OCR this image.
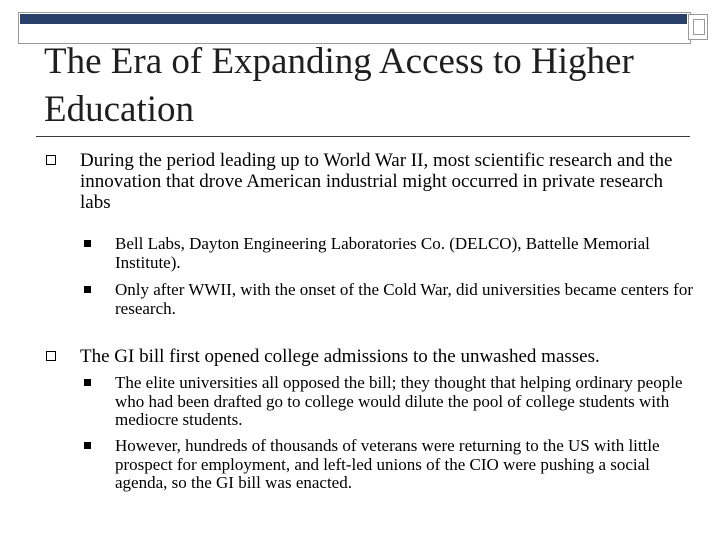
The Era of Expanding Access to Higher Education
During the period leading up to World War II, most scientific research and the innovation that drove American industrial might occurred in private research labs
Bell Labs, Dayton Engineering Laboratories Co. (DELCO), Battelle Memorial Institute).
Only after WWII, with the onset of the Cold War, did universities became centers for research.
The GI bill first opened college admissions to the unwashed masses.
The elite universities all opposed the bill; they thought that helping ordinary people who had been drafted go to college would dilute the pool of college students with mediocre students.
However, hundreds of thousands of veterans were returning to the US with little prospect for employment, and left-led unions of the CIO were pushing a social agenda, so the GI bill was enacted.
